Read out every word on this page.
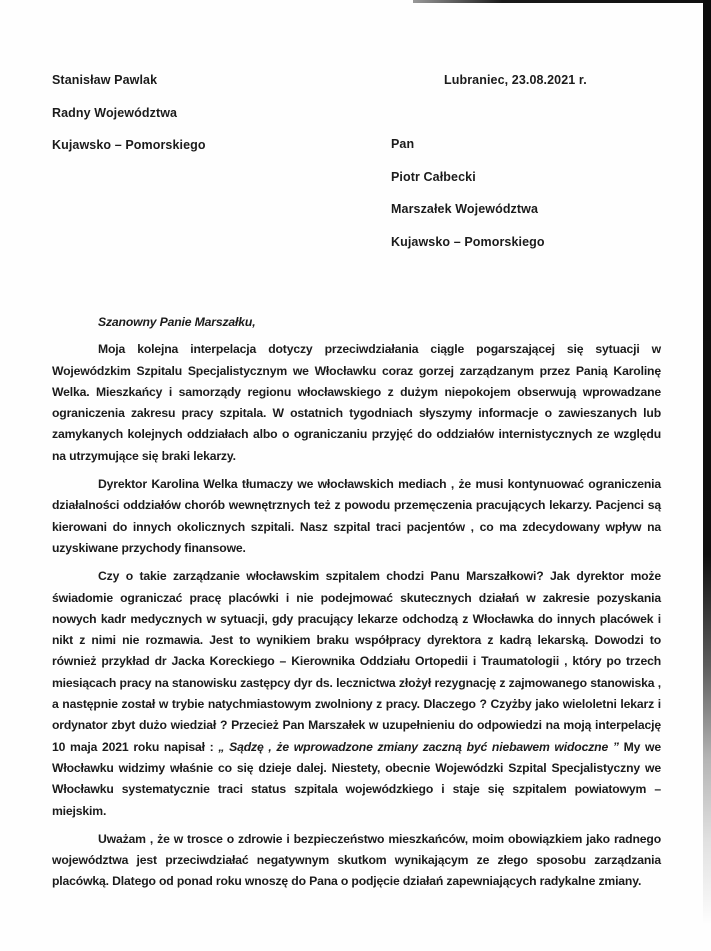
Stanisław Pawlak

Radny Województwa

Kujawsko – Pomorskiego

Lubraniec, 23.08.2021 r.

Pan

Piotr Całbecki

Marszałek Województwa

Kujawsko – Pomorskiego

Szanowny Panie Marszałku,

Moja kolejna interpelacja dotyczy przeciwdziałania ciągle pogarszającej się sytuacji w Wojewódzkim Szpitalu Specjalistycznym we Włocławku coraz gorzej zarządzanym przez Panią Karolinę Welka. Mieszkańcy i samorządy regionu włocławskiego z dużym niepokojem obserwują wprowadzane ograniczenia zakresu pracy szpitala. W ostatnich tygodniach słyszymy informacje o zawieszanych lub zamykanych kolejnych oddziałach albo o ograniczaniu przyjęć do oddziałów internistycznych ze względu na utrzymujące się braki lekarzy.

Dyrektor Karolina Welka tłumaczy we włocławskich mediach , że musi kontynuować ograniczenia działalności oddziałów chorób wewnętrznych też z powodu przemęczenia pracujących lekarzy. Pacjenci są kierowani do innych okolicznych szpitali. Nasz szpital traci pacjentów , co ma zdecydowany wpływ na uzyskiwane przychody finansowe.

Czy o takie zarządzanie włocławskim szpitalem chodzi Panu Marszałkowi? Jak dyrektor może świadomie ograniczać pracę placówki i nie podejmować skutecznych działań w zakresie pozyskania nowych kadr medycznych w sytuacji, gdy pracujący lekarze odchodzą z Włocławka do innych placówek i nikt z nimi nie rozmawia. Jest to wynikiem braku współpracy dyrektora z kadrą lekarską. Dowodzi to również przykład dr Jacka Koreckiego – Kierownika Oddziału Ortopedii i Traumatologii , który po trzech miesiącach pracy na stanowisku zastępcy dyr ds. lecznictwa złożył rezygnację z zajmowanego stanowiska , a następnie został w trybie natychmiastowym zwolniony z pracy. Dlaczego ? Czyżby jako wieloletni lekarz i ordynator zbyt dużo wiedział ? Przecież Pan Marszałek w uzupełnieniu do odpowiedzi na moją interpelację 10 maja 2021 roku napisał : „ Sądzę , że wprowadzone zmiany zaczną być niebawem widoczne ” My we Włocławku widzimy właśnie co się dzieje dalej. Niestety, obecnie Wojewódzki Szpital Specjalistyczny we Włocławku systematycznie traci status szpitala wojewódzkiego i staje się szpitalem powiatowym – miejskim.

Uważam , że w trosce o zdrowie i bezpieczeństwo mieszkańców, moim obowiązkiem jako radnego województwa jest przeciwdziałać negatywnym skutkom wynikającym ze złego sposobu zarządzania placówką. Dlatego od ponad roku wnoszę do Pana o podjęcie działań zapewniających radykalne zmiany.
